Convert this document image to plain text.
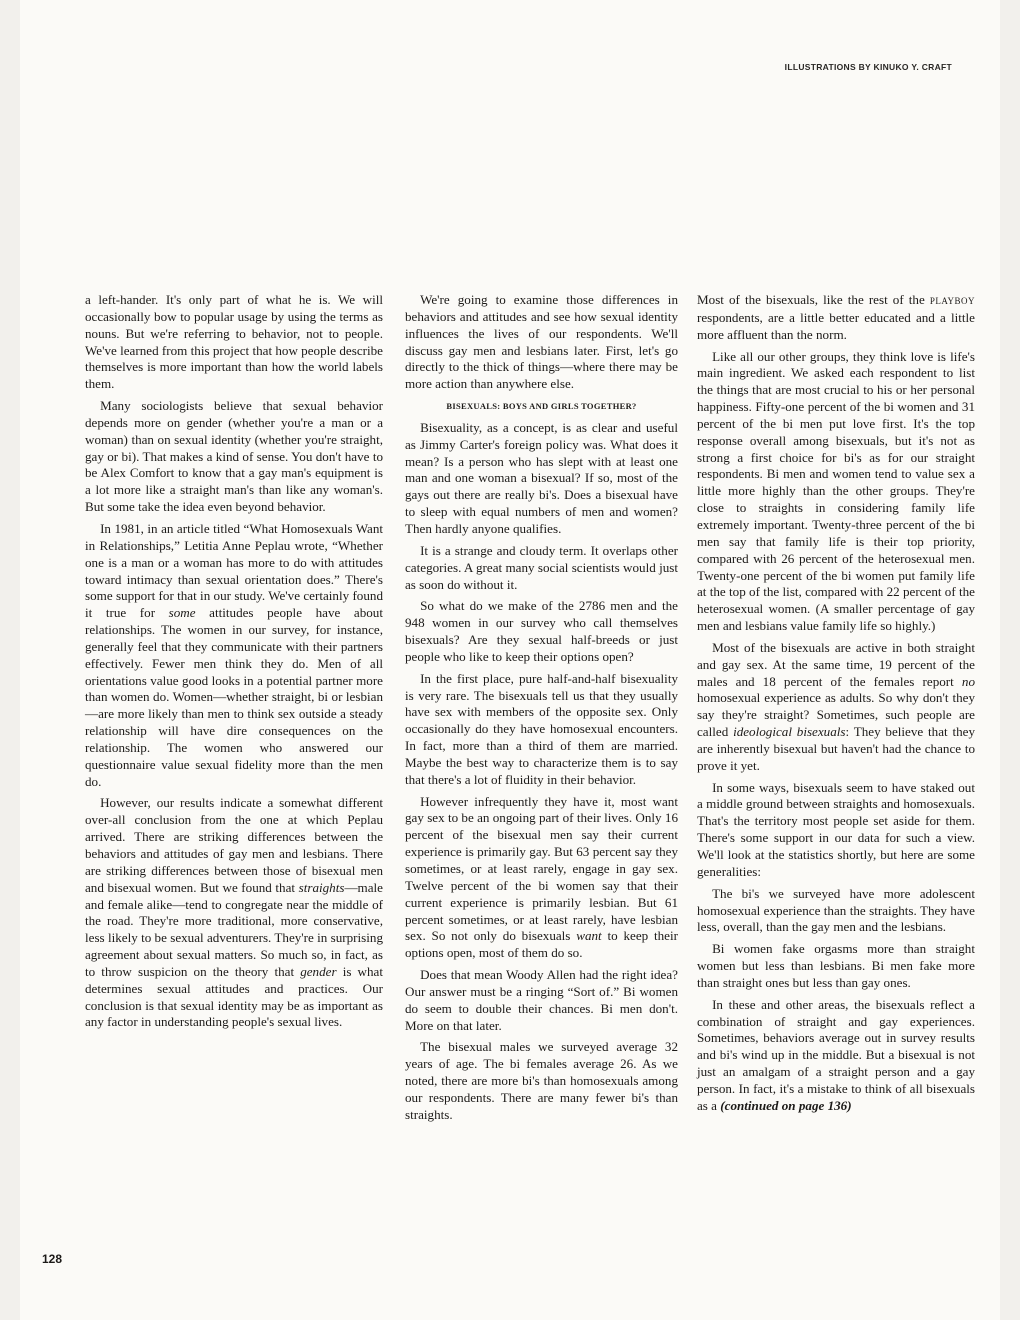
ILLUSTRATIONS BY KINUKO Y. CRAFT

a left-hander. It's only part of what he is. We will occasionally bow to popular usage by using the terms as nouns. But we're referring to behavior, not to people. We've learned from this project that how people describe themselves is more important than how the world labels them.

Many sociologists believe that sexual behavior depends more on gender (whether you're a man or a woman) than on sexual identity (whether you're straight, gay or bi). That makes a kind of sense. You don't have to be Alex Comfort to know that a gay man's equipment is a lot more like a straight man's than like any woman's. But some take the idea even beyond behavior.

In 1981, in an article titled “What Homosexuals Want in Relationships,” Letitia Anne Peplau wrote, “Whether one is a man or a woman has more to do with attitudes toward intimacy than sexual orientation does.” There's some support for that in our study. We've certainly found it true for some attitudes people have about relationships. The women in our survey, for instance, generally feel that they communicate with their partners effectively. Fewer men think they do. Men of all orientations value good looks in a potential partner more than women do. Women—whether straight, bi or lesbian—are more likely than men to think sex outside a steady relationship will have dire consequences on the relationship. The women who answered our questionnaire value sexual fidelity more than the men do.

However, our results indicate a somewhat different over-all conclusion from the one at which Peplau arrived. There are striking differences between the behaviors and attitudes of gay men and lesbians. There are striking differences between those of bisexual men and bisexual women. But we found that straights—male and female alike—tend to congregate near the middle of the road. They're more traditional, more conservative, less likely to be sexual adventurers. They're in surprising agreement about sexual matters. So much so, in fact, as to throw suspicion on the theory that gender is what determines sexual attitudes and practices. Our conclusion is that sexual identity may be as important as any factor in understanding people's sexual lives.

We're going to examine those differences in behaviors and attitudes and see how sexual identity influences the lives of our respondents. We'll discuss gay men and lesbians later. First, let's go directly to the thick of things—where there may be more action than anywhere else.

BISEXUALS: BOYS AND GIRLS TOGETHER?

Bisexuality, as a concept, is as clear and useful as Jimmy Carter's foreign policy was. What does it mean? Is a person who has slept with at least one man and one woman a bisexual? If so, most of the gays out there are really bi's. Does a bisexual have to sleep with equal numbers of men and women? Then hardly anyone qualifies.

It is a strange and cloudy term. It overlaps other categories. A great many social scientists would just as soon do without it.

So what do we make of the 2786 men and the 948 women in our survey who call themselves bisexuals? Are they sexual half-breeds or just people who like to keep their options open?

In the first place, pure half-and-half bisexuality is very rare. The bisexuals tell us that they usually have sex with members of the opposite sex. Only occasionally do they have homosexual encounters. In fact, more than a third of them are married. Maybe the best way to characterize them is to say that there's a lot of fluidity in their behavior.

However infrequently they have it, most want gay sex to be an ongoing part of their lives. Only 16 percent of the bisexual men say their current experience is primarily gay. But 63 percent say they sometimes, or at least rarely, engage in gay sex. Twelve percent of the bi women say that their current experience is primarily lesbian. But 61 percent sometimes, or at least rarely, have lesbian sex. So not only do bisexuals want to keep their options open, most of them do so.

Does that mean Woody Allen had the right idea? Our answer must be a ringing “Sort of.” Bi women do seem to double their chances. Bi men don't. More on that later.

The bisexual males we surveyed average 32 years of age. The bi females average 26. As we noted, there are more bi's than homosexuals among our respondents. There are many fewer bi's than straights.

Most of the bisexuals, like the rest of the PLAYBOY respondents, are a little better educated and a little more affluent than the norm.

Like all our other groups, they think love is life's main ingredient. We asked each respondent to list the things that are most crucial to his or her personal happiness. Fifty-one percent of the bi women and 31 percent of the bi men put love first. It's the top response overall among bisexuals, but it's not as strong a first choice for bi's as for our straight respondents. Bi men and women tend to value sex a little more highly than the other groups. They're close to straights in considering family life extremely important. Twenty-three percent of the bi men say that family life is their top priority, compared with 26 percent of the heterosexual men. Twenty-one percent of the bi women put family life at the top of the list, compared with 22 percent of the heterosexual women. (A smaller percentage of gay men and lesbians value family life so highly.)

Most of the bisexuals are active in both straight and gay sex. At the same time, 19 percent of the males and 18 percent of the females report no homosexual experience as adults. So why don't they say they're straight? Sometimes, such people are called ideological bisexuals: They believe that they are inherently bisexual but haven't had the chance to prove it yet.

In some ways, bisexuals seem to have staked out a middle ground between straights and homosexuals. That's the territory most people set aside for them. There's some support in our data for such a view. We'll look at the statistics shortly, but here are some generalities:

The bi's we surveyed have more adolescent homosexual experience than the straights. They have less, overall, than the gay men and the lesbians.

Bi women fake orgasms more than straight women but less than lesbians. Bi men fake more than straight ones but less than gay ones.

In these and other areas, the bisexuals reflect a combination of straight and gay experiences. Sometimes, behaviors average out in survey results and bi's wind up in the middle. But a bisexual is not just an amalgam of a straight person and a gay person. In fact, it's a mistake to think of all bisexuals as a (continued on page 136)

128
